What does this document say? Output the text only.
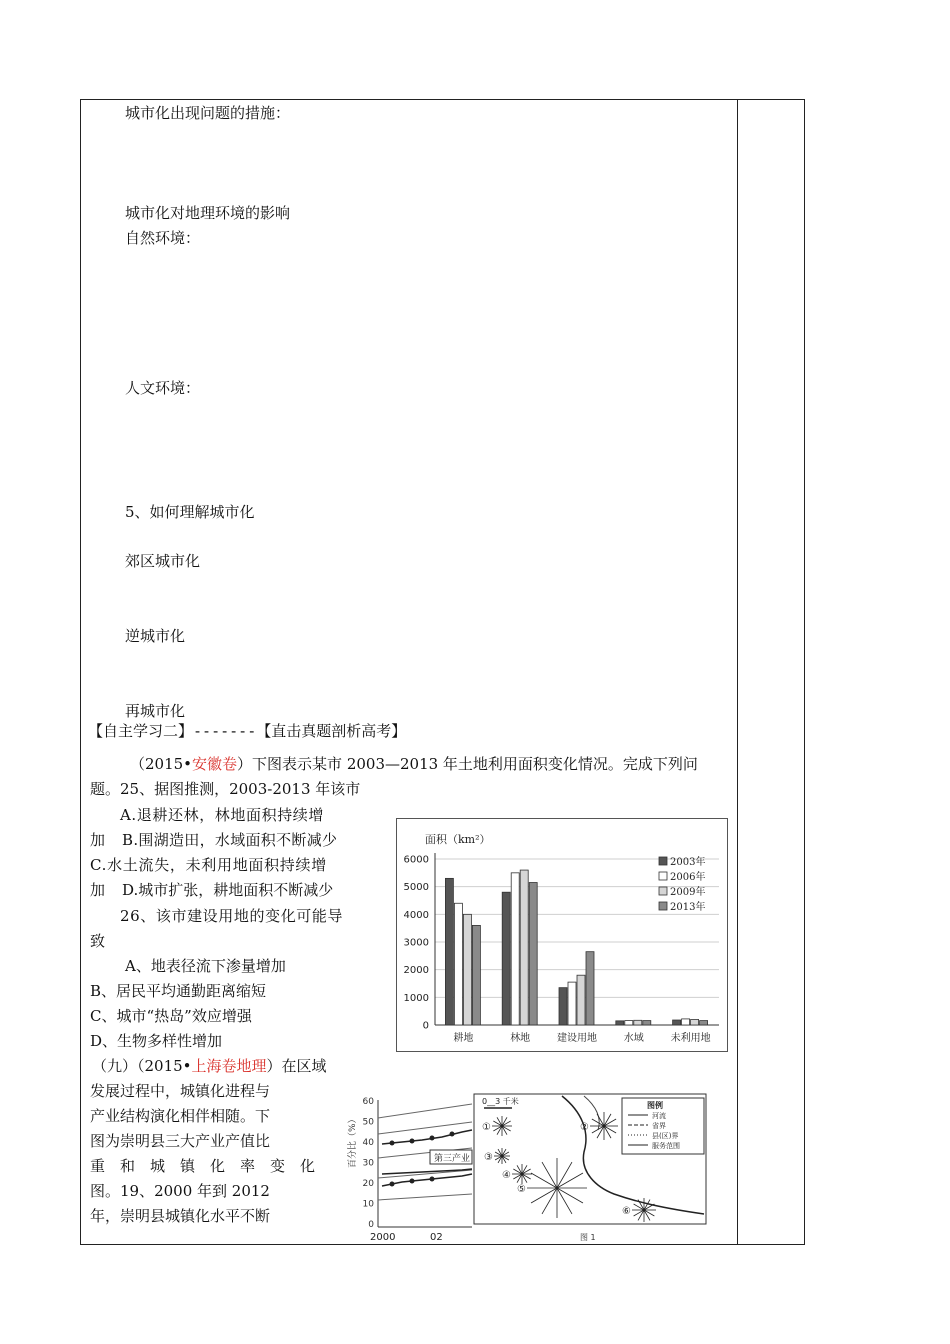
城市化出现问题的措施：
城市化对地理环境的影响
自然环境：
人文环境：
5、如何理解城市化
郊区城市化
逆城市化
再城市化
【自主学习二】-------【直击真题剖析高考】
（2015•安徽卷）下图表示某市 2003—2013 年土地利用面积变化情况。完成下列问
题。25、据图推测，2003-2013 年该市
A.退耕还林，林地面积持续增
加 B.围湖造田，水域面积不断减少
C.水土流失，未利用地面积持续增
加 D.城市扩张，耕地面积不断减少
26、该市建设用地的变化可能导
致
A、地表径流下渗量增加
B、居民平均通勤距离缩短
C、城市“热岛”效应增强
D、生物多样性增加
（九）（2015•上海卷地理）在区域
发展过程中，城镇化进程与
产业结构演化相伴相随。下
图为崇明县三大产业产值比
重　和　城　镇　化　率　变　化
图。19、2000 年到 2012
年，崇明县城镇化水平不断
面积（km²）
0
1000
2000
3000
4000
5000
6000
耕地	林地	建设用地	水域	未利用地
2003年
2006年
2009年
2013年
百分比（%）
60
50
40
30
20
10
0
第三产业
2000	02
0__3 千米	图例
河流
省界
县(区)界
服务范围
①	②
③
④
⑤
⑥
图 1
